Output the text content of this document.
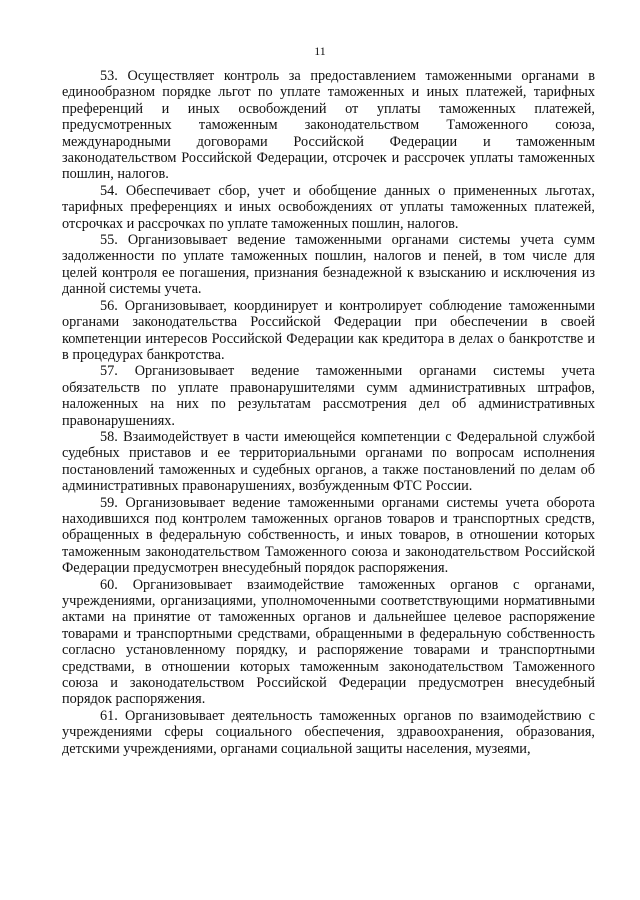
11

53. Осуществляет контроль за предоставлением таможенными органами в единообразном порядке льгот по уплате таможенных и иных платежей, тарифных преференций и иных освобождений от уплаты таможенных платежей, предусмотренных таможенным законодательством Таможенного союза, международными договорами Российской Федерации и таможенным законодательством Российской Федерации, отсрочек и рассрочек уплаты таможенных пошлин, налогов.

54. Обеспечивает сбор, учет и обобщение данных о примененных льготах, тарифных преференциях и иных освобождениях от уплаты таможенных платежей, отсрочках и рассрочках по уплате таможенных пошлин, налогов.

55. Организовывает ведение таможенными органами системы учета сумм задолженности по уплате таможенных пошлин, налогов и пеней, в том числе для целей контроля ее погашения, признания безнадежной к взысканию и исключения из данной системы учета.

56. Организовывает, координирует и контролирует соблюдение таможенными органами законодательства Российской Федерации при обеспечении в своей компетенции интересов Российской Федерации как кредитора в делах о банкротстве и в процедурах банкротства.

57. Организовывает ведение таможенными органами системы учета обязательств по уплате правонарушителями сумм административных штрафов, наложенных на них по результатам рассмотрения дел об административных правонарушениях.

58. Взаимодействует в части имеющейся компетенции с Федеральной службой судебных приставов и ее территориальными органами по вопросам исполнения постановлений таможенных и судебных органов, а также постановлений по делам об административных правонарушениях, возбужденным ФТС России.

59. Организовывает ведение таможенными органами системы учета оборота находившихся под контролем таможенных органов товаров и транспортных средств, обращенных в федеральную собственность, и иных товаров, в отношении которых таможенным законодательством Таможенного союза и законодательством Российской Федерации предусмотрен внесудебный порядок распоряжения.

60. Организовывает взаимодействие таможенных органов с органами, учреждениями, организациями, уполномоченными соответствующими нормативными актами на принятие от таможенных органов и дальнейшее целевое распоряжение товарами и транспортными средствами, обращенными в федеральную собственность согласно установленному порядку, и распоряжение товарами и транспортными средствами, в отношении которых таможенным законодательством Таможенного союза и законодательством Российской Федерации предусмотрен внесудебный порядок распоряжения.

61. Организовывает деятельность таможенных органов по взаимодействию с учреждениями сферы социального обеспечения, здравоохранения, образования, детскими учреждениями, органами социальной защиты населения, музеями,
